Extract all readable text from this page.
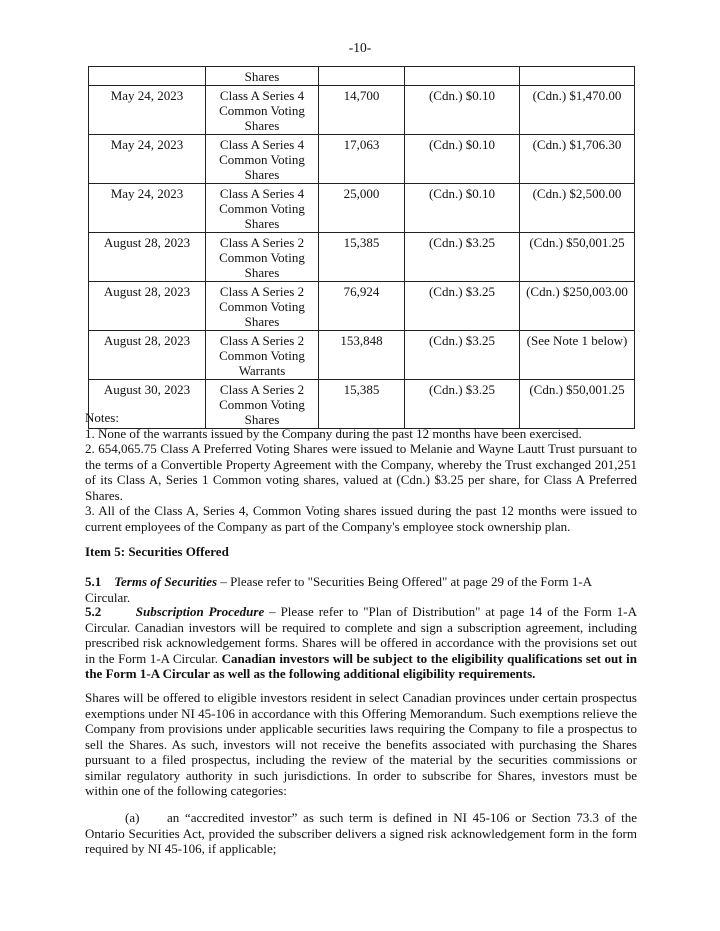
-10-
	Shares			
May 24, 2023	Class A Series 4 Common Voting Shares	14,700	(Cdn.) $0.10	(Cdn.) $1,470.00
May 24, 2023	Class A Series 4 Common Voting Shares	17,063	(Cdn.) $0.10	(Cdn.) $1,706.30
May 24, 2023	Class A Series 4 Common Voting Shares	25,000	(Cdn.) $0.10	(Cdn.) $2,500.00
August 28, 2023	Class A Series 2 Common Voting Shares	15,385	(Cdn.) $3.25	(Cdn.) $50,001.25
August 28, 2023	Class A Series 2 Common Voting Shares	76,924	(Cdn.) $3.25	(Cdn.) $250,003.00
August 28, 2023	Class A Series 2 Common Voting Warrants	153,848	(Cdn.) $3.25	(See Note 1 below)
August 30, 2023	Class A Series 2 Common Voting Shares	15,385	(Cdn.) $3.25	(Cdn.) $50,001.25

Notes:

1. None of the warrants issued by the Company during the past 12 months have been exercised.

2. 654,065.75 Class A Preferred Voting Shares were issued to Melanie and Wayne Lautt Trust pursuant to the terms of a Convertible Property Agreement with the Company, whereby the Trust exchanged 201,251 of its Class A, Series 1 Common voting shares, valued at (Cdn.) $3.25 per share, for Class A Preferred Shares.

3. All of the Class A, Series 4, Common Voting shares issued during the past 12 months were issued to current employees of the Company as part of the Company's employee stock ownership plan.

Item 5: Securities Offered
5.1 Terms of Securities – Please refer to "Securities Being Offered" at page 29 of the Form 1-A Circular.
5.2	Subscription Procedure – Please refer to "Plan of Distribution" at page 14 of the Form 1-A Circular. Canadian investors will be required to complete and sign a subscription agreement, including prescribed risk acknowledgement forms. Shares will be offered in accordance with the provisions set out in the Form 1-A Circular. Canadian investors will be subject to the eligibility qualifications set out in the Form 1-A Circular as well as the following additional eligibility requirements.
Shares will be offered to eligible investors resident in select Canadian provinces under certain prospectus exemptions under NI 45-106 in accordance with this Offering Memorandum. Such exemptions relieve the Company from provisions under applicable securities laws requiring the Company to file a prospectus to sell the Shares. As such, investors will not receive the benefits associated with purchasing the Shares pursuant to a filed prospectus, including the review of the material by the securities commissions or similar regulatory authority in such jurisdictions. In order to subscribe for Shares, investors must be within one of the following categories:
(a) an “accredited investor” as such term is defined in NI 45-106 or Section 73.3 of the Ontario Securities Act, provided the subscriber delivers a signed risk acknowledgement form in the form required by NI 45-106, if applicable;
